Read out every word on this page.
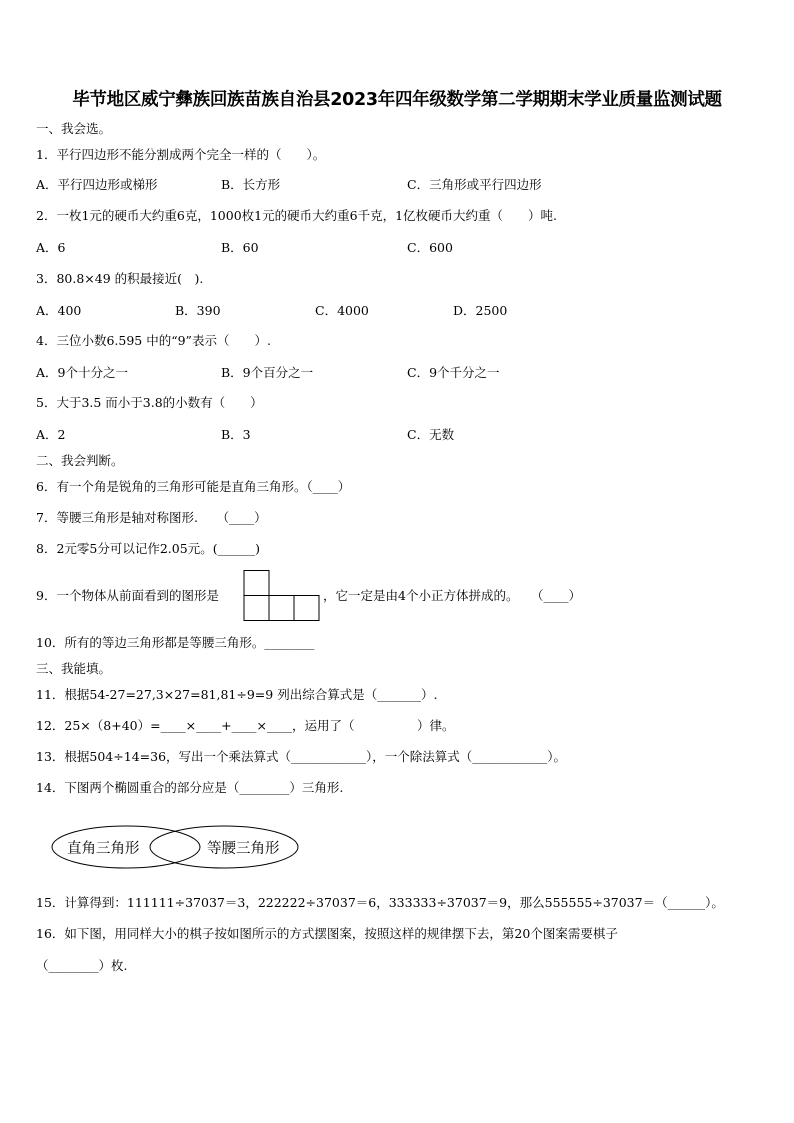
毕节地区威宁彝族回族苗族自治县2023年四年级数学第二学期期末学业质量监测试题
一、我会选。
1．平行四边形不能分割成两个完全一样的（　　）。
A．平行四边形或梯形	B．长方形	C．三角形或平行四边形
2．一枚1元的硬币大约重6克，1000枚1元的硬币大约重6千克，1亿枚硬币大约重（　　）吨.
A．6	B．60	C．600
3．80.8×49 的积最接近(　).
A．400	B．390	C．4000	D．2500
4．三位小数6.595 中的“9”表示（　　）.
A．9个十分之一	B．9个百分之一	C．9个千分之一
5．大于3.5 而小于3.8的小数有（　　）
A．2	B．3	C．无数
二、我会判断。
6．有一个角是锐角的三角形可能是直角三角形。（____）
7．等腰三角形是轴对称图形.　　（____）
8．2元零5分可以记作2.05元。(______)
9．一个物体从前面看到的图形是	，它一定是由4个小正方体拼成的。　　（____）
10．所有的等边三角形都是等腰三角形。________
三、我能填。
11．根据54-27=27,3×27=81,81÷9=9 列出综合算式是（_______）.
12．25×（8+40）=____×____+____×____，运用了（　　　　　）律。
13．根据504÷14=36，写出一个乘法算式（____________），一个除法算式（____________）。
14．下图两个椭圆重合的部分应是（________）三角形.
直角三角形	等腰三角形
15．计算得到：111111÷37037＝3，222222÷37037＝6，333333÷37037＝9，那么555555÷37037＝（______）。
16．如下图，用同样大小的棋子按如图所示的方式摆图案，按照这样的规律摆下去，第20个图案需要棋子
（________）枚.
